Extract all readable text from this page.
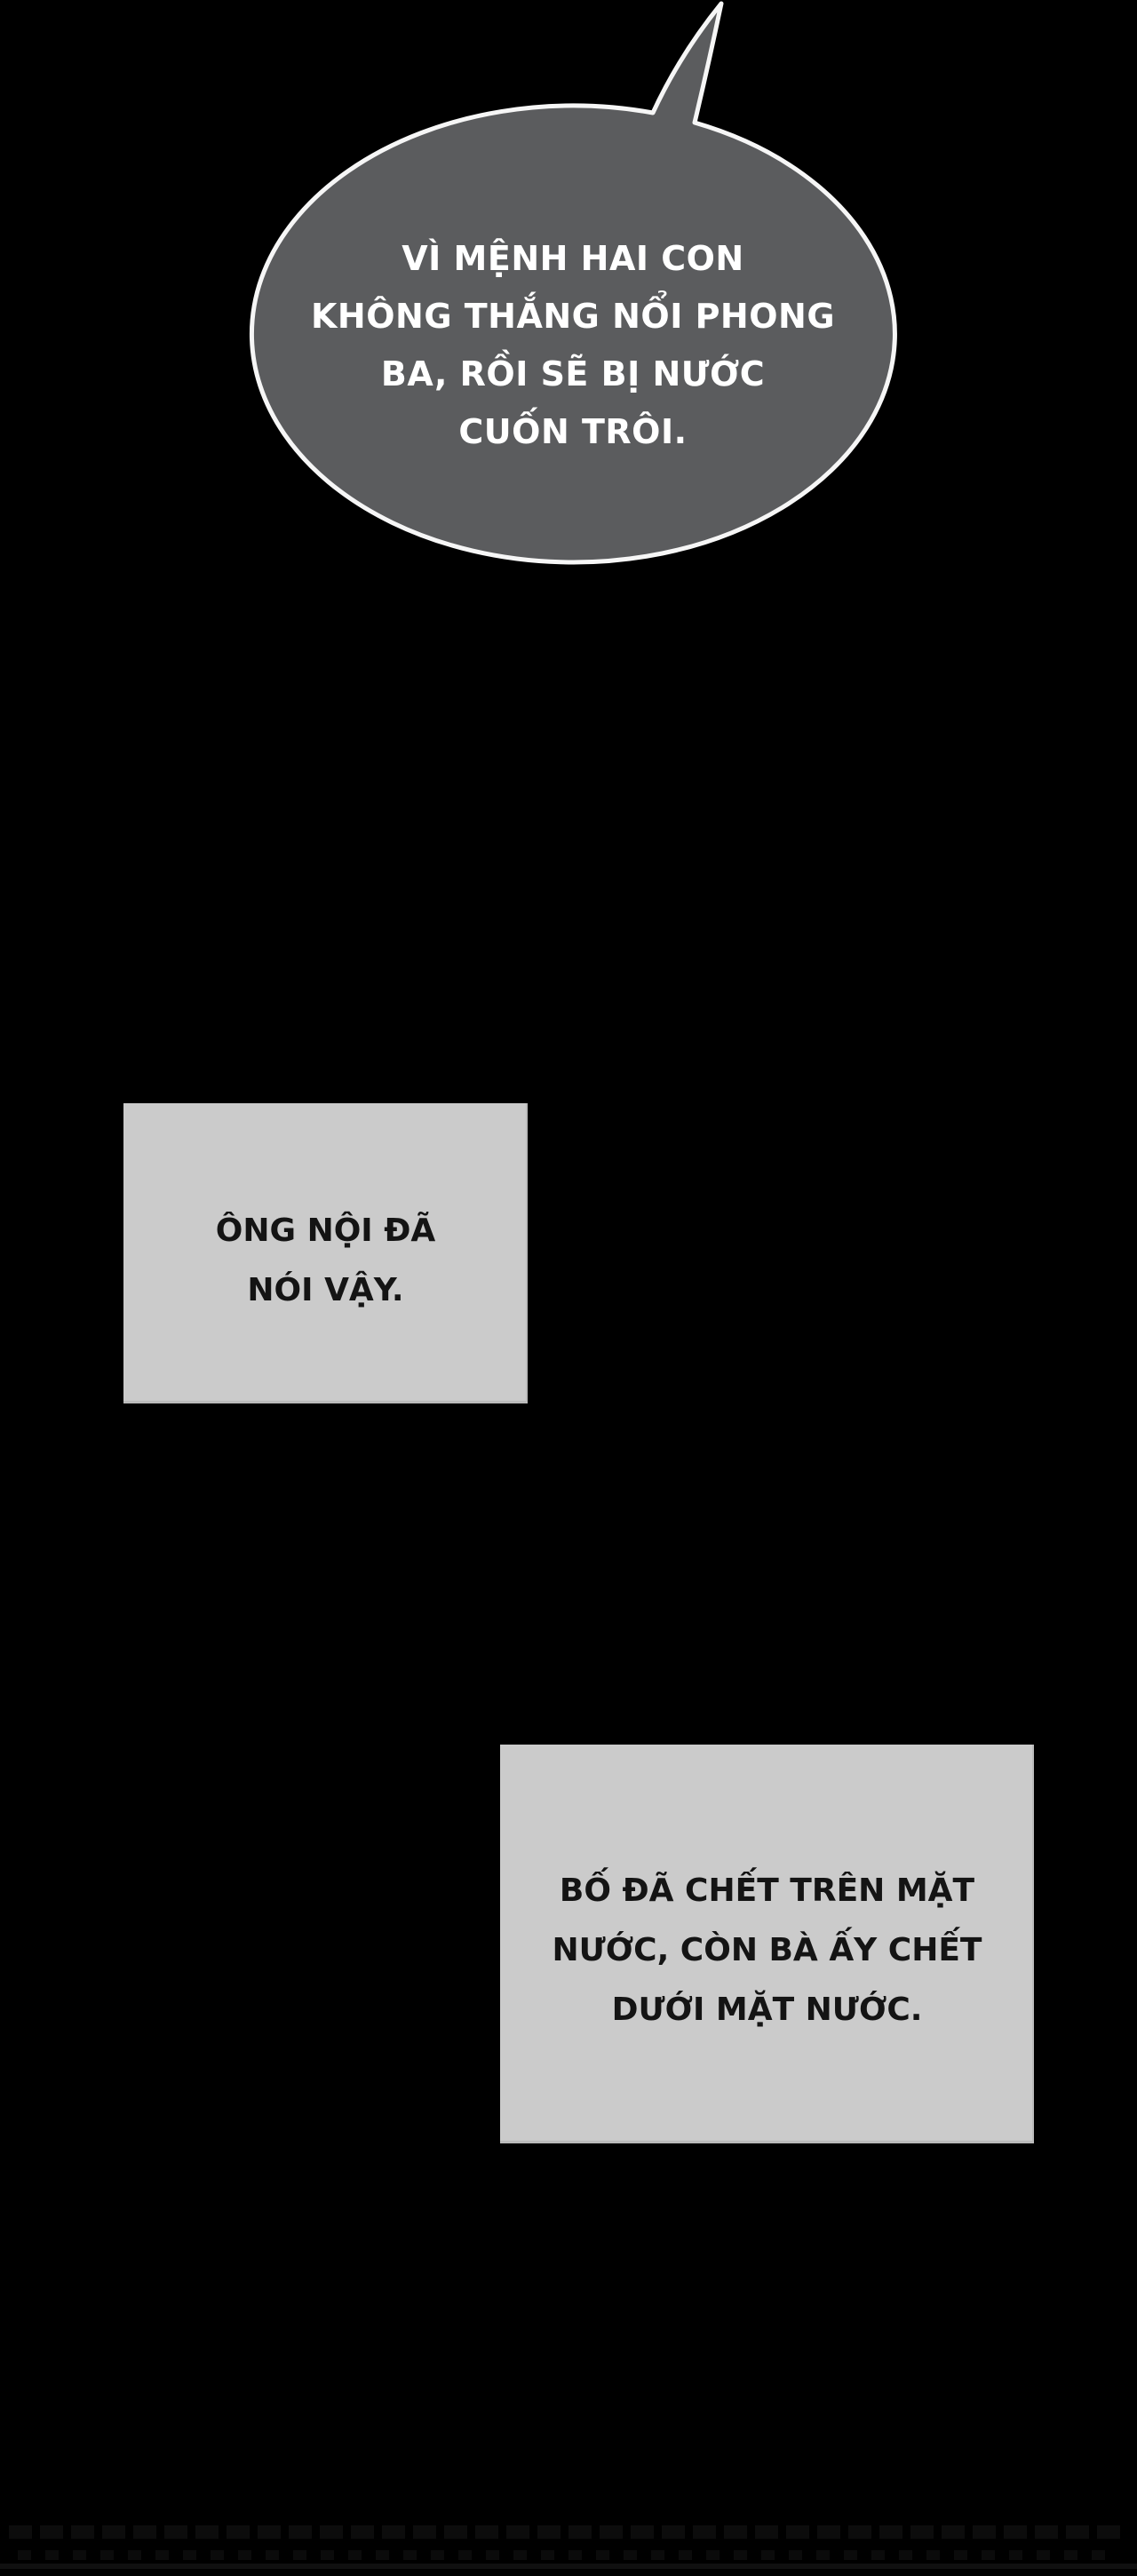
VÌ MỆNH HAI CON
KHÔNG THẮNG NỔI PHONG
BA, RỒI SẼ BỊ NƯỚC
CUỐN TRÔI.
ÔNG NỘI ĐÃ
NÓI VẬY.
BỐ ĐÃ CHẾT TRÊN MẶT
NƯỚC, CÒN BÀ ẤY CHẾT
DƯỚI MẶT NƯỚC.
